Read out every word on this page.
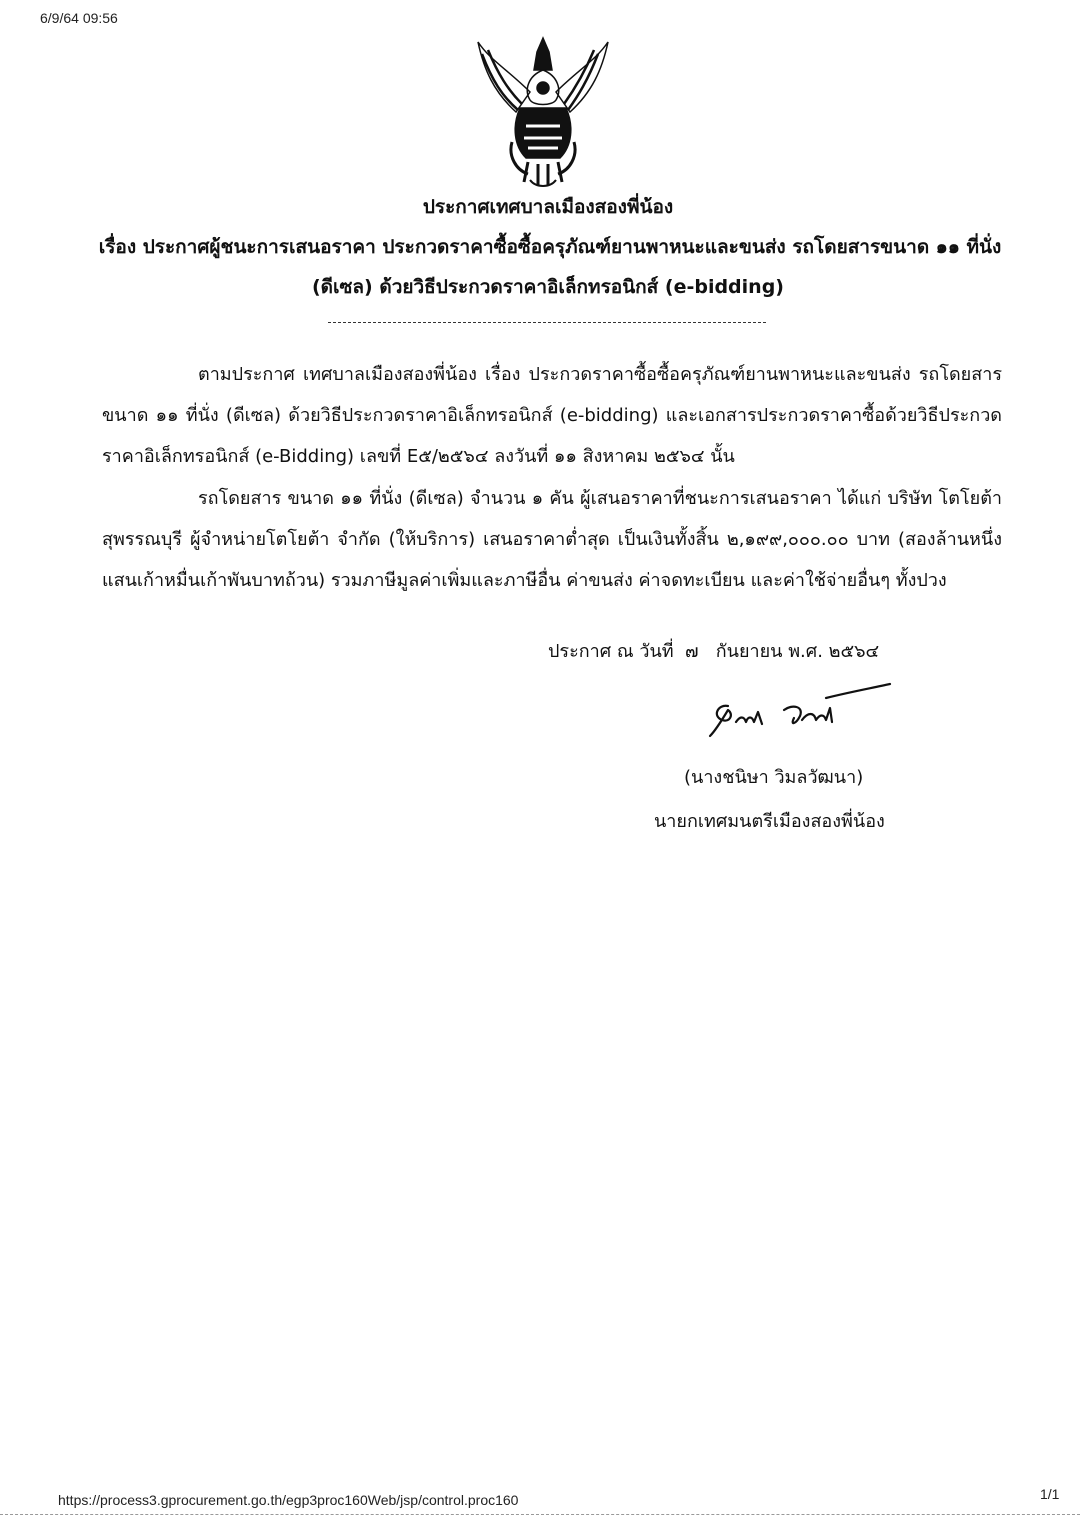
6/9/64 09:56
ประกาศเทศบาลเมืองสองพี่น้อง
เรื่อง ประกาศผู้ชนะการเสนอราคา ประกวดราคาซื้อซื้อครุภัณฑ์ยานพาหนะและขนส่ง รถโดยสารขนาด ๑๑ ที่นั่ง
(ดีเซล) ด้วยวิธีประกวดราคาอิเล็กทรอนิกส์ (e-bidding)
ตามประกาศ เทศบาลเมืองสองพี่น้อง เรื่อง ประกวดราคาซื้อซื้อครุภัณฑ์ยานพาหนะและขนส่ง รถโดยสารขนาด ๑๑ ที่นั่ง (ดีเซล) ด้วยวิธีประกวดราคาอิเล็กทรอนิกส์ (e-bidding) และเอกสารประกวดราคาซื้อด้วยวิธีประกวดราคาอิเล็กทรอนิกส์ (e-Bidding) เลขที่ E๕/๒๕๖๔ ลงวันที่ ๑๑ สิงหาคม ๒๕๖๔ นั้น
รถโดยสาร ขนาด ๑๑ ที่นั่ง (ดีเซล) จำนวน ๑ คัน ผู้เสนอราคาที่ชนะการเสนอราคา ได้แก่ บริษัท โตโยต้าสุพรรณบุรี ผู้จำหน่ายโตโยต้า จำกัด (ให้บริการ) เสนอราคาต่ำสุด เป็นเงินทั้งสิ้น ๒,๑๙๙,๐๐๐.๐๐ บาท (สองล้านหนึ่งแสนเก้าหมื่นเก้าพันบาทถ้วน) รวมภาษีมูลค่าเพิ่มและภาษีอื่น ค่าขนส่ง ค่าจดทะเบียน และค่าใช้จ่ายอื่นๆ ทั้งปวง
ประกาศ ณ วันที่  ๗   กันยายน พ.ศ. ๒๕๖๔
(นางชนิษา วิมลวัฒนา)
นายกเทศมนตรีเมืองสองพี่น้อง
https://process3.gprocurement.go.th/egp3proc160Web/jsp/control.proc160	1/1
